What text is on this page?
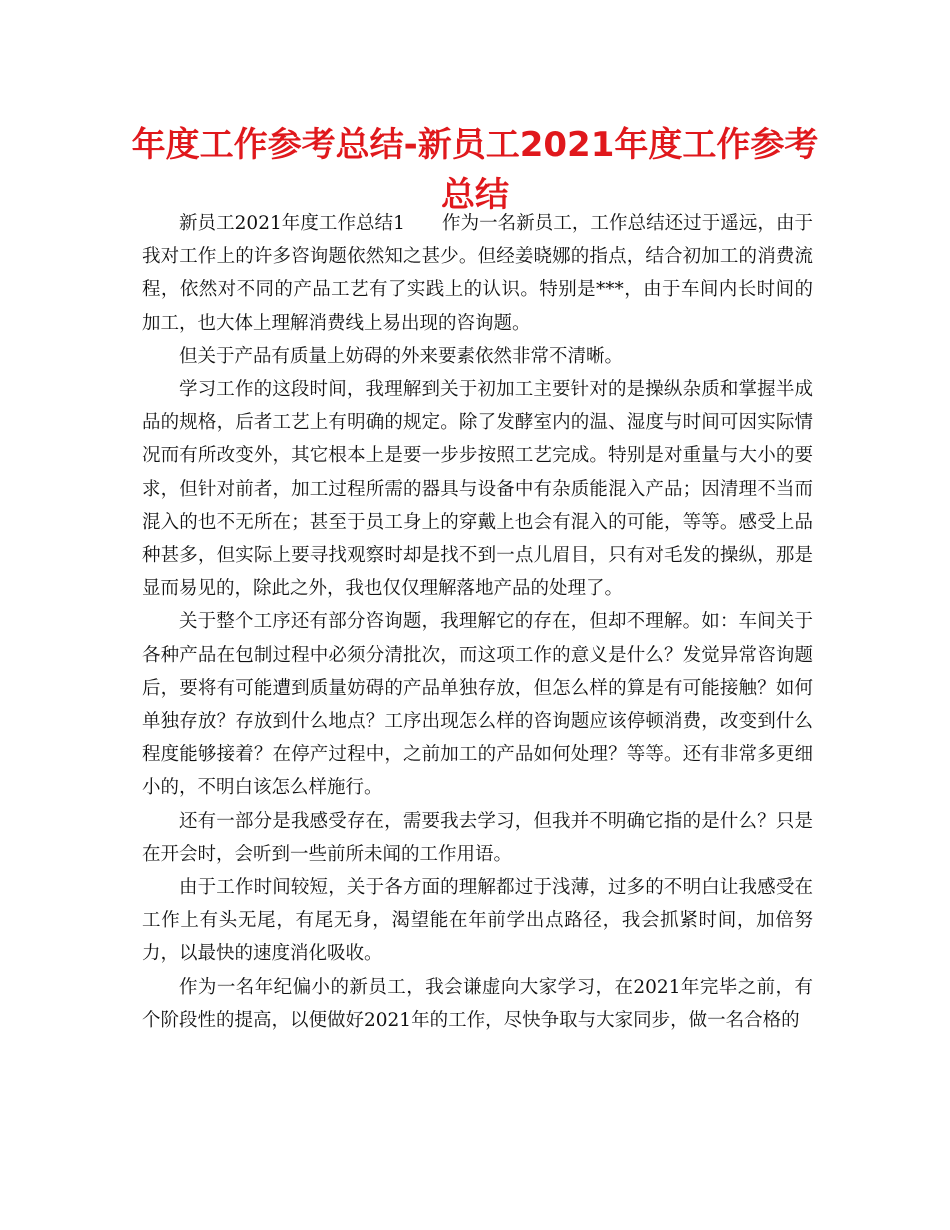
年度工作参考总结-新员工2021年度工作参考总结

新员工2021年度工作总结1　　作为一名新员工，工作总结还过于遥远，由于我对工作上的许多咨询题依然知之甚少。但经姜晓娜的指点，结合初加工的消费流程，依然对不同的产品工艺有了实践上的认识。特别是***，由于车间内长时间的加工，也大体上理解消费线上易出现的咨询题。

但关于产品有质量上妨碍的外来要素依然非常不清晰。

学习工作的这段时间，我理解到关于初加工主要针对的是操纵杂质和掌握半成品的规格，后者工艺上有明确的规定。除了发酵室内的温、湿度与时间可因实际情况而有所改变外，其它根本上是要一步步按照工艺完成。特别是对重量与大小的要求，但针对前者，加工过程所需的器具与设备中有杂质能混入产品；因清理不当而混入的也不无所在；甚至于员工身上的穿戴上也会有混入的可能，等等。感受上品种甚多，但实际上要寻找观察时却是找不到一点儿眉目，只有对毛发的操纵，那是显而易见的，除此之外，我也仅仅理解落地产品的处理了。

关于整个工序还有部分咨询题，我理解它的存在，但却不理解。如：车间关于各种产品在包制过程中必须分清批次，而这项工作的意义是什么？发觉异常咨询题后，要将有可能遭到质量妨碍的产品单独存放，但怎么样的算是有可能接触？如何单独存放？存放到什么地点？工序出现怎么样的咨询题应该停顿消费，改变到什么程度能够接着？在停产过程中，之前加工的产品如何处理？等等。还有非常多更细小的，不明白该怎么样施行。

还有一部分是我感受存在，需要我去学习，但我并不明确它指的是什么？只是在开会时，会听到一些前所未闻的工作用语。

由于工作时间较短，关于各方面的理解都过于浅薄，过多的不明白让我感受在工作上有头无尾，有尾无身，渴望能在年前学出点路径，我会抓紧时间，加倍努力，以最快的速度消化吸收。

作为一名年纪偏小的新员工，我会谦虚向大家学习，在2021年完毕之前，有个阶段性的提高，以便做好2021年的工作，尽快争取与大家同步，做一名合格的
